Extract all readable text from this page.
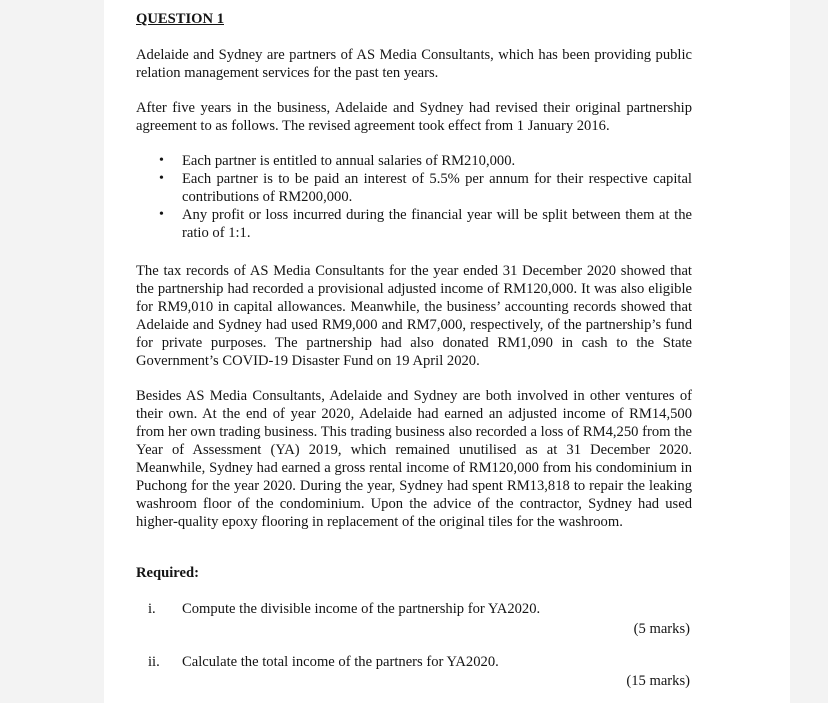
QUESTION 1

Adelaide and Sydney are partners of AS Media Consultants, which has been providing public relation management services for the past ten years.

After five years in the business, Adelaide and Sydney had revised their original partnership agreement to as follows. The revised agreement took effect from 1 January 2016.

• Each partner is entitled to annual salaries of RM210,000.
• Each partner is to be paid an interest of 5.5% per annum for their respective capital contributions of RM200,000.
• Any profit or loss incurred during the financial year will be split between them at the ratio of 1:1.

The tax records of AS Media Consultants for the year ended 31 December 2020 showed that the partnership had recorded a provisional adjusted income of RM120,000. It was also eligible for RM9,010 in capital allowances. Meanwhile, the business’ accounting records showed that Adelaide and Sydney had used RM9,000 and RM7,000, respectively, of the partnership’s fund for private purposes. The partnership had also donated RM1,090 in cash to the State Government’s COVID-19 Disaster Fund on 19 April 2020.

Besides AS Media Consultants, Adelaide and Sydney are both involved in other ventures of their own. At the end of year 2020, Adelaide had earned an adjusted income of RM14,500 from her own trading business. This trading business also recorded a loss of RM4,250 from the Year of Assessment (YA) 2019, which remained unutilised as at 31 December 2020. Meanwhile, Sydney had earned a gross rental income of RM120,000 from his condominium in Puchong for the year 2020. During the year, Sydney had spent RM13,818 to repair the leaking washroom floor of the condominium. Upon the advice of the contractor, Sydney had used higher-quality epoxy flooring in replacement of the original tiles for the washroom.

Required:
i. Compute the divisible income of the partnership for YA2020.
(5 marks)
ii. Calculate the total income of the partners for YA2020.
(15 marks)
